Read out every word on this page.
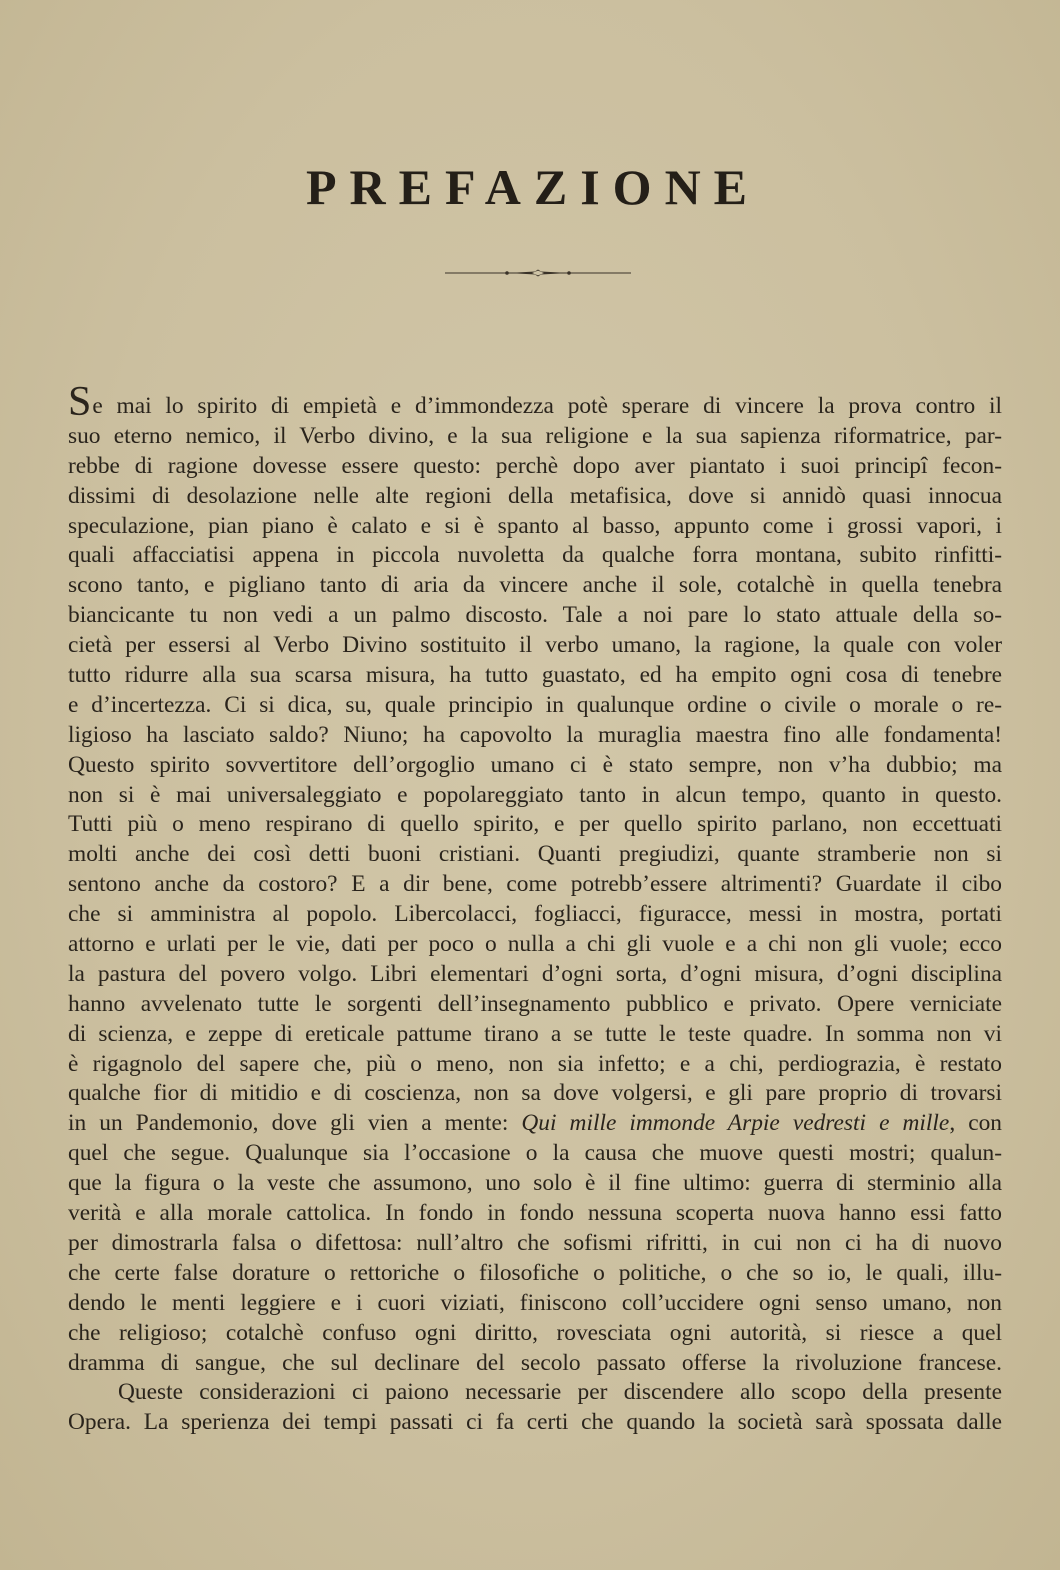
PREFAZIONE
Se mai lo spirito di empietà e d’immondezza potè sperare di vincere la prova contro il
suo eterno nemico, il Verbo divino, e la sua religione e la sua sapienza riformatrice, par-
rebbe di ragione dovesse essere questo: perchè dopo aver piantato i suoi principî fecon-
dissimi di desolazione nelle alte regioni della metafisica, dove si annidò quasi innocua
speculazione, pian piano è calato e si è spanto al basso, appunto come i grossi vapori, i
quali affacciatisi appena in piccola nuvoletta da qualche forra montana, subito rinfitti-
scono tanto, e pigliano tanto di aria da vincere anche il sole, cotalchè in quella tenebra
biancicante tu non vedi a un palmo discosto. Tale a noi pare lo stato attuale della so-
cietà per essersi al Verbo Divino sostituito il verbo umano, la ragione, la quale con voler
tutto ridurre alla sua scarsa misura, ha tutto guastato, ed ha empito ogni cosa di tenebre
e d’incertezza. Ci si dica, su, quale principio in qualunque ordine o civile o morale o re-
ligioso ha lasciato saldo? Niuno; ha capovolto la muraglia maestra fino alle fondamenta!
Questo spirito sovvertitore dell’orgoglio umano ci è stato sempre, non v’ha dubbio; ma
non si è mai universaleggiato e popolareggiato tanto in alcun tempo, quanto in questo.
Tutti più o meno respirano di quello spirito, e per quello spirito parlano, non eccettuati
molti anche dei così detti buoni cristiani. Quanti pregiudizi, quante stramberie non si
sentono anche da costoro? E a dir bene, come potrebb’essere altrimenti? Guardate il cibo
che si amministra al popolo. Libercolacci, fogliacci, figuracce, messi in mostra, portati
attorno e urlati per le vie, dati per poco o nulla a chi gli vuole e a chi non gli vuole; ecco
la pastura del povero volgo. Libri elementari d’ogni sorta, d’ogni misura, d’ogni disciplina
hanno avvelenato tutte le sorgenti dell’insegnamento pubblico e privato. Opere verniciate
di scienza, e zeppe di ereticale pattume tirano a se tutte le teste quadre. In somma non vi
è rigagnolo del sapere che, più o meno, non sia infetto; e a chi, perdiograzia, è restato
qualche fior di mitidio e di coscienza, non sa dove volgersi, e gli pare proprio di trovarsi
in un Pandemonio, dove gli vien a mente: Qui mille immonde Arpie vedresti e mille, con
quel che segue. Qualunque sia l’occasione o la causa che muove questi mostri; qualun-
que la figura o la veste che assumono, uno solo è il fine ultimo: guerra di sterminio alla
verità e alla morale cattolica. In fondo in fondo nessuna scoperta nuova hanno essi fatto
per dimostrarla falsa o difettosa: null’altro che sofismi rifritti, in cui non ci ha di nuovo
che certe false dorature o rettoriche o filosofiche o politiche, o che so io, le quali, illu-
dendo le menti leggiere e i cuori viziati, finiscono coll’uccidere ogni senso umano, non
che religioso; cotalchè confuso ogni diritto, rovesciata ogni autorità, si riesce a quel
dramma di sangue, che sul declinare del secolo passato offerse la rivoluzione francese.
Queste considerazioni ci paiono necessarie per discendere allo scopo della presente
Opera. La sperienza dei tempi passati ci fa certi che quando la società sarà spossata dalle
